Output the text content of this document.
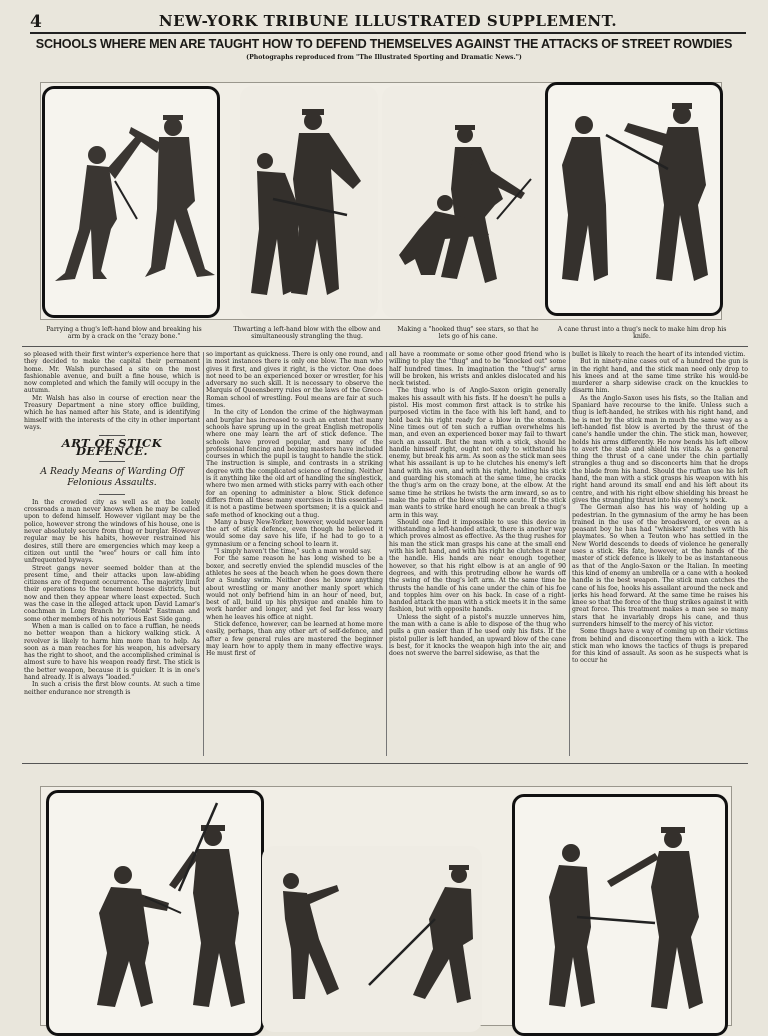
4	NEW-YORK TRIBUNE ILLUSTRATED SUPPLEMENT.
SCHOOLS WHERE MEN ARE TAUGHT HOW TO DEFEND THEMSELVES AGAINST THE ATTACKS OF STREET ROWDIES
(Photographs reproduced from "The Illustrated Sporting and Dramatic News.")
Parrying a thug's left-hand blow and breaking his arm by a crack on the "crazy bone."
Thwarting a left-hand blow with the elbow and simultaneously strangling the thug.
Making a "hooked thug" see stars, so that he lets go of his cane.
A cane thrust into a thug's neck to make him drop his knife.

so pleased with their first winter's experience here that they decided to make the capital their permanent home. Mr. Walsh purchased a site on the most fashionable avenue, and built a fine house, which is now completed and which the family will occupy in the autumn.

Mr. Walsh has also in course of erection near the Treasury Department a nine story office building, which he has named after his State, and is identifying himself with the interests of the city in other important ways.

ART OF STICK DEFENCE.
A Ready Means of Warding Off Felonious Assaults.

In the crowded city as well as at the lonely crossroads a man never knows when he may be called upon to defend himself. However vigilant may be the police, however strong the windows of his house, one is never absolutely secure from thug or burglar. However regular may be his habits, however restrained his desires, still there are emergencies which may keep a citizen out until the "wee" hours or call him into unfrequented byways.

Street gangs never seemed bolder than at the present time, and their attacks upon law-abiding citizens are of frequent occurrence. The majority limit their operations to the tenement house districts, but now and then they appear where least expected. Such was the case in the alleged attack upon David Lamar's coachman in Long Branch by "Monk" Eastman and some other members of his notorious East Side gang.

When a man is called on to face a ruffian, he needs no better weapon than a hickory walking stick. A revolver is likely to harm him more than to help. As soon as a man reaches for his weapon, his adversary has the right to shoot, and the accomplished criminal is almost sure to have his weapon ready first. The stick is the better weapon, because it is quicker. It is in one's hand already. It is always "loaded."

In such a crisis the first blow counts. At such a time neither endurance nor strength is

so important as quickness. There is only one round, and in most instances there is only one blow. The man who gives it first, and gives it right, is the victor. One does not need to be an experienced boxer or wrestler, for his adversary no such skill. It is necessary to observe the Marquis of Queensberry rules or the laws of the Greco-Roman school of wrestling. Foul means are fair at such times.

In the city of London the crime of the highwayman and burglar has increased to such an extent that many schools have sprung up in the great English metropolis where one may learn the art of stick defence. The schools have proved popular, and many of the professional fencing and boxing masters have included courses in which the pupil is taught to handle the stick. The instruction is simple, and contrasts in a striking degree with the complicated science of fencing. Neither is it anything like the old art of handling the singlestick, where two men armed with sticks parry with each other for an opening to administer a blow. Stick defence differs from all these many exercises in this essential—it is not a pastime between sportsmen; it is a quick and safe method of knocking out a thug.

Many a busy New-Yorker, however, would never learn the art of stick defence, even though he believed it would some day save his life, if he had to go to a gymnasium or a fencing school to learn it.

"I simply haven't the time," such a man would say.

For the same reason he has long wished to be a boxer, and secretly envied the splendid muscles of the athletes he sees at the beach when he goes down there for a Sunday swim. Neither does he know anything about wrestling or many another manly sport which would not only befriend him in an hour of need, but, best of all, build up his physique and enable him to work harder and longer, and yet feel far less weary when he leaves his office at night.

Stick defence, however, can be learned at home more easily, perhaps, than any other art of self-defence, and after a few general rules are mastered the beginner may learn how to apply them in many effective ways. He must first of

all have a roommate or some other good friend who is willing to play the "thug" and to be "knocked out" some half hundred times. In imagination the "thug's" arms will be broken, his wrists and ankles dislocated and his neck twisted.

The thug who is of Anglo-Saxon origin generally makes his assault with his fists. If he doesn't he pulls a pistol. His most common first attack is to strike his purposed victim in the face with his left hand, and to hold back his right ready for a blow in the stomach. Nine times out of ten such a ruffian overwhelms his man, and even an experienced boxer may fail to thwart such an assault. But the man with a stick, should he handle himself right, ought not only to withstand his enemy, but break his arm. As soon as the stick man sees what his assailant is up to he clutches his enemy's left hand with his own, and with his right, holding his stick and guarding his stomach at the same time, he cracks the thug's arm on the crazy bone, at the elbow. At the same time he strikes he twists the arm inward, so as to make the palm of the blow still more acute. If the stick man wants to strike hard enough he can break a thug's arm in this way.

Should one find it impossible to use this device in withstanding a left-handed attack, there is another way which proves almost as effective. As the thug rushes for his man the stick man grasps his cane at the small end with his left hand, and with his right he clutches it near the handle. His hands are near enough together, however, so that his right elbow is at an angle of 90 degrees, and with this protruding elbow he wards off the swing of the thug's left arm. At the same time he thrusts the handle of his cane under the chin of his foe and topples him over on his back. In case of a right-handed attack the man with a stick meets it in the same fashion, but with opposite hands.

Unless the sight of a pistol's muzzle unnerves him, the man with a cane is able to dispose of the thug who pulls a gun easier than if he used only his fists. If the pistol puller is left handed, an upward blow of the cane is best, for it knocks the weapon high into the air, and does not swerve the barrel sidewise, as that the

bullet is likely to reach the heart of its intended victim.

But in ninety-nine cases out of a hundred the gun is in the right hand, and the stick man need only drop to his knees and at the same time strike his would-be murderer a sharp sidewise crack on the knuckles to disarm him.

As the Anglo-Saxon uses his fists, so the Italian and Spaniard have recourse to the knife. Unless such a thug is left-handed, he strikes with his right hand, and he is met by the stick man in much the same way as a left-handed fist blow is averted by the thrust of the cane's handle under the chin. The stick man, however, holds his arms differently. He now bends his left elbow to avert the stab and shield his vitals. As a general thing the thrust of a cane under the chin partially strangles a thug and so disconcerts him that he drops the blade from his hand. Should the ruffian use his left hand, the man with a stick grasps his weapon with his right hand around its small end and his left about its centre, and with his right elbow shielding his breast he gives the strangling thrust into his enemy's neck.

The German also has his way of holding up a pedestrian. In the gymnasium of the army he has been trained in the use of the broadsword, or even as a peasant boy he has had "whiskers" matches with his playmates. So when a Teuton who has settled in the New World descends to deeds of violence he generally uses a stick. His fate, however, at the hands of the master of stick defence is likely to be as instantaneous as that of the Anglo-Saxon or the Italian. In meeting this kind of enemy an umbrella or a cane with a hooked handle is the best weapon. The stick man catches the cane of his foe, hooks his assailant around the neck and jerks his head forward. At the same time he raises his knee so that the force of the thug strikes against it with great force. This treatment makes a man see so many stars that he invariably drops his cane, and thus surrenders himself to the mercy of his victor.

Some thugs have a way of coming up on their victims from behind and disconcerting them with a kick. The stick man who knows the tactics of thugs is prepared for this kind of assault. As soon as he suspects what is to occur he
